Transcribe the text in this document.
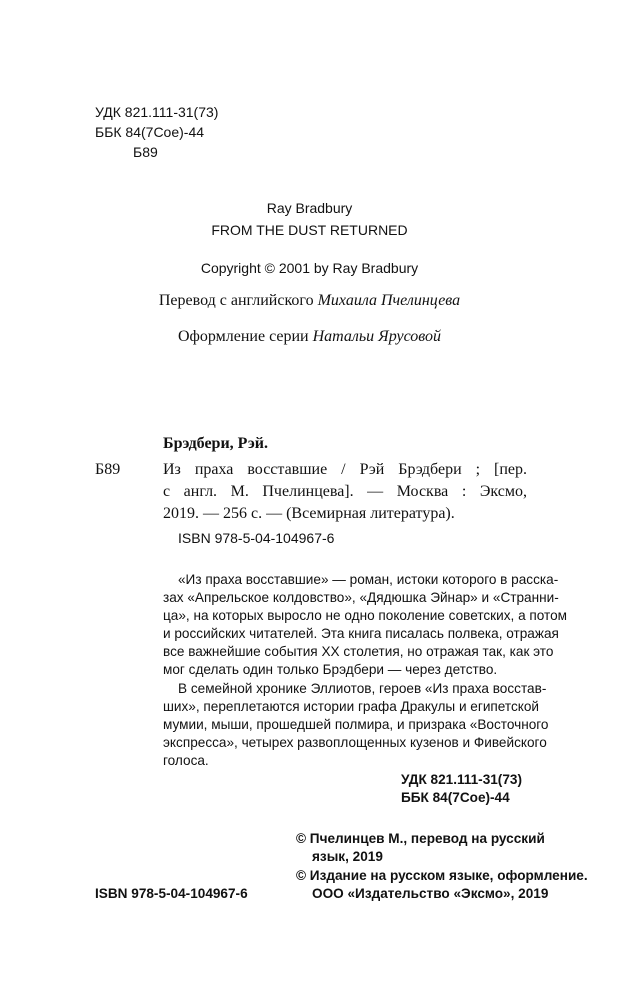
УДК 821.111-31(73)
ББК 84(7Сое)-44
Б89
Ray Bradbury
FROM THE DUST RETURNED
Copyright © 2001 by Ray Bradbury
Перевод с английского Михаила Пчелинцева
Оформление серии Натальи Ярусовой
Брэдбери, Рэй.
Б89	Из праха восставшие / Рэй Брэдбери ; [пер.
с англ. М. Пчелинцева]. — Москва : Эксмо,
2019. — 256 с. — (Всемирная литература).
ISBN 978-5-04-104967-6
«Из праха восставшие» — роман, истоки которого в расска-
зах «Апрельское колдовство», «Дядюшка Эйнар» и «Странни-
ца», на которых выросло не одно поколение советских, а потом
и российских читателей. Эта книга писалась полвека, отражая
все важнейшие события XX столетия, но отражая так, как это
мог сделать один только Брэдбери — через детство.
В семейной хронике Эллиотов, героев «Из праха восстав-
ших», переплетаются истории графа Дракулы и египетской
мумии, мыши, прошедшей полмира, и призрака «Восточного
экспресса», четырех развоплощенных кузенов и Фивейского
голоса.
УДК 821.111-31(73)
ББК 84(7Сое)-44
© Пчелинцев М., перевод на русский
язык, 2019
© Издание на русском языке, оформление.
ООО «Издательство «Эксмо», 2019
ISBN 978-5-04-104967-6
